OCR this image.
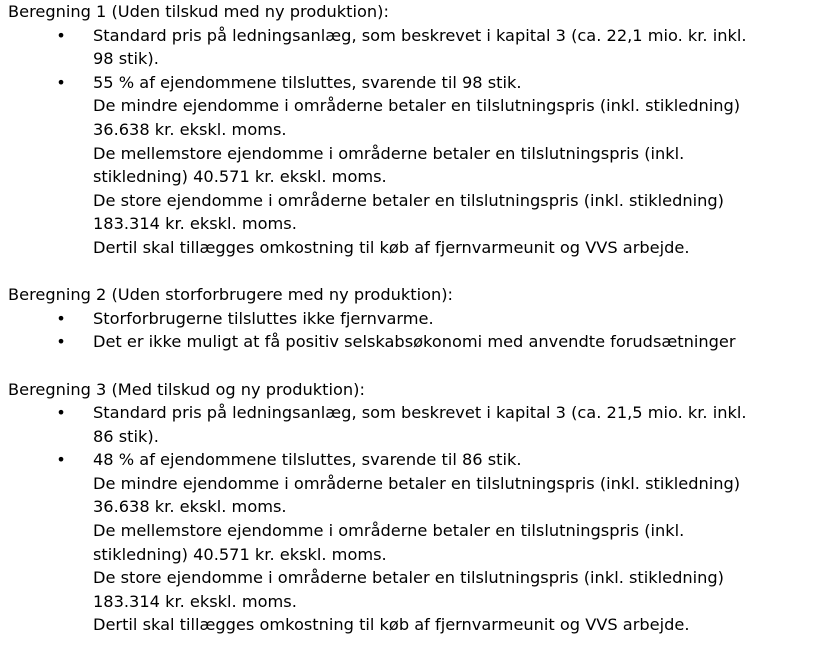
Beregning 1 (Uden tilskud med ny produktion):

• Standard pris på ledningsanlæg, som beskrevet i kapital 3 (ca. 22,1 mio. kr. inkl.
98 stik).
• 55 % af ejendommene tilsluttes, svarende til 98 stik.
De mindre ejendomme i områderne betaler en tilslutningspris (inkl. stikledning)
36.638 kr. ekskl. moms.
De mellemstore ejendomme i områderne betaler en tilslutningspris (inkl.
stikledning) 40.571 kr. ekskl. moms.
De store ejendomme i områderne betaler en tilslutningspris (inkl. stikledning)
183.314 kr. ekskl. moms.
Dertil skal tillægges omkostning til køb af fjernvarmeunit og VVS arbejde.

Beregning 2 (Uden storforbrugere med ny produktion):

• Storforbrugerne tilsluttes ikke fjernvarme.
• Det er ikke muligt at få positiv selskabsøkonomi med anvendte forudsætninger

Beregning 3 (Med tilskud og ny produktion):

• Standard pris på ledningsanlæg, som beskrevet i kapital 3 (ca. 21,5 mio. kr. inkl.
86 stik).
• 48 % af ejendommene tilsluttes, svarende til 86 stik.
De mindre ejendomme i områderne betaler en tilslutningspris (inkl. stikledning)
36.638 kr. ekskl. moms.
De mellemstore ejendomme i områderne betaler en tilslutningspris (inkl.
stikledning) 40.571 kr. ekskl. moms.
De store ejendomme i områderne betaler en tilslutningspris (inkl. stikledning)
183.314 kr. ekskl. moms.
Dertil skal tillægges omkostning til køb af fjernvarmeunit og VVS arbejde.
